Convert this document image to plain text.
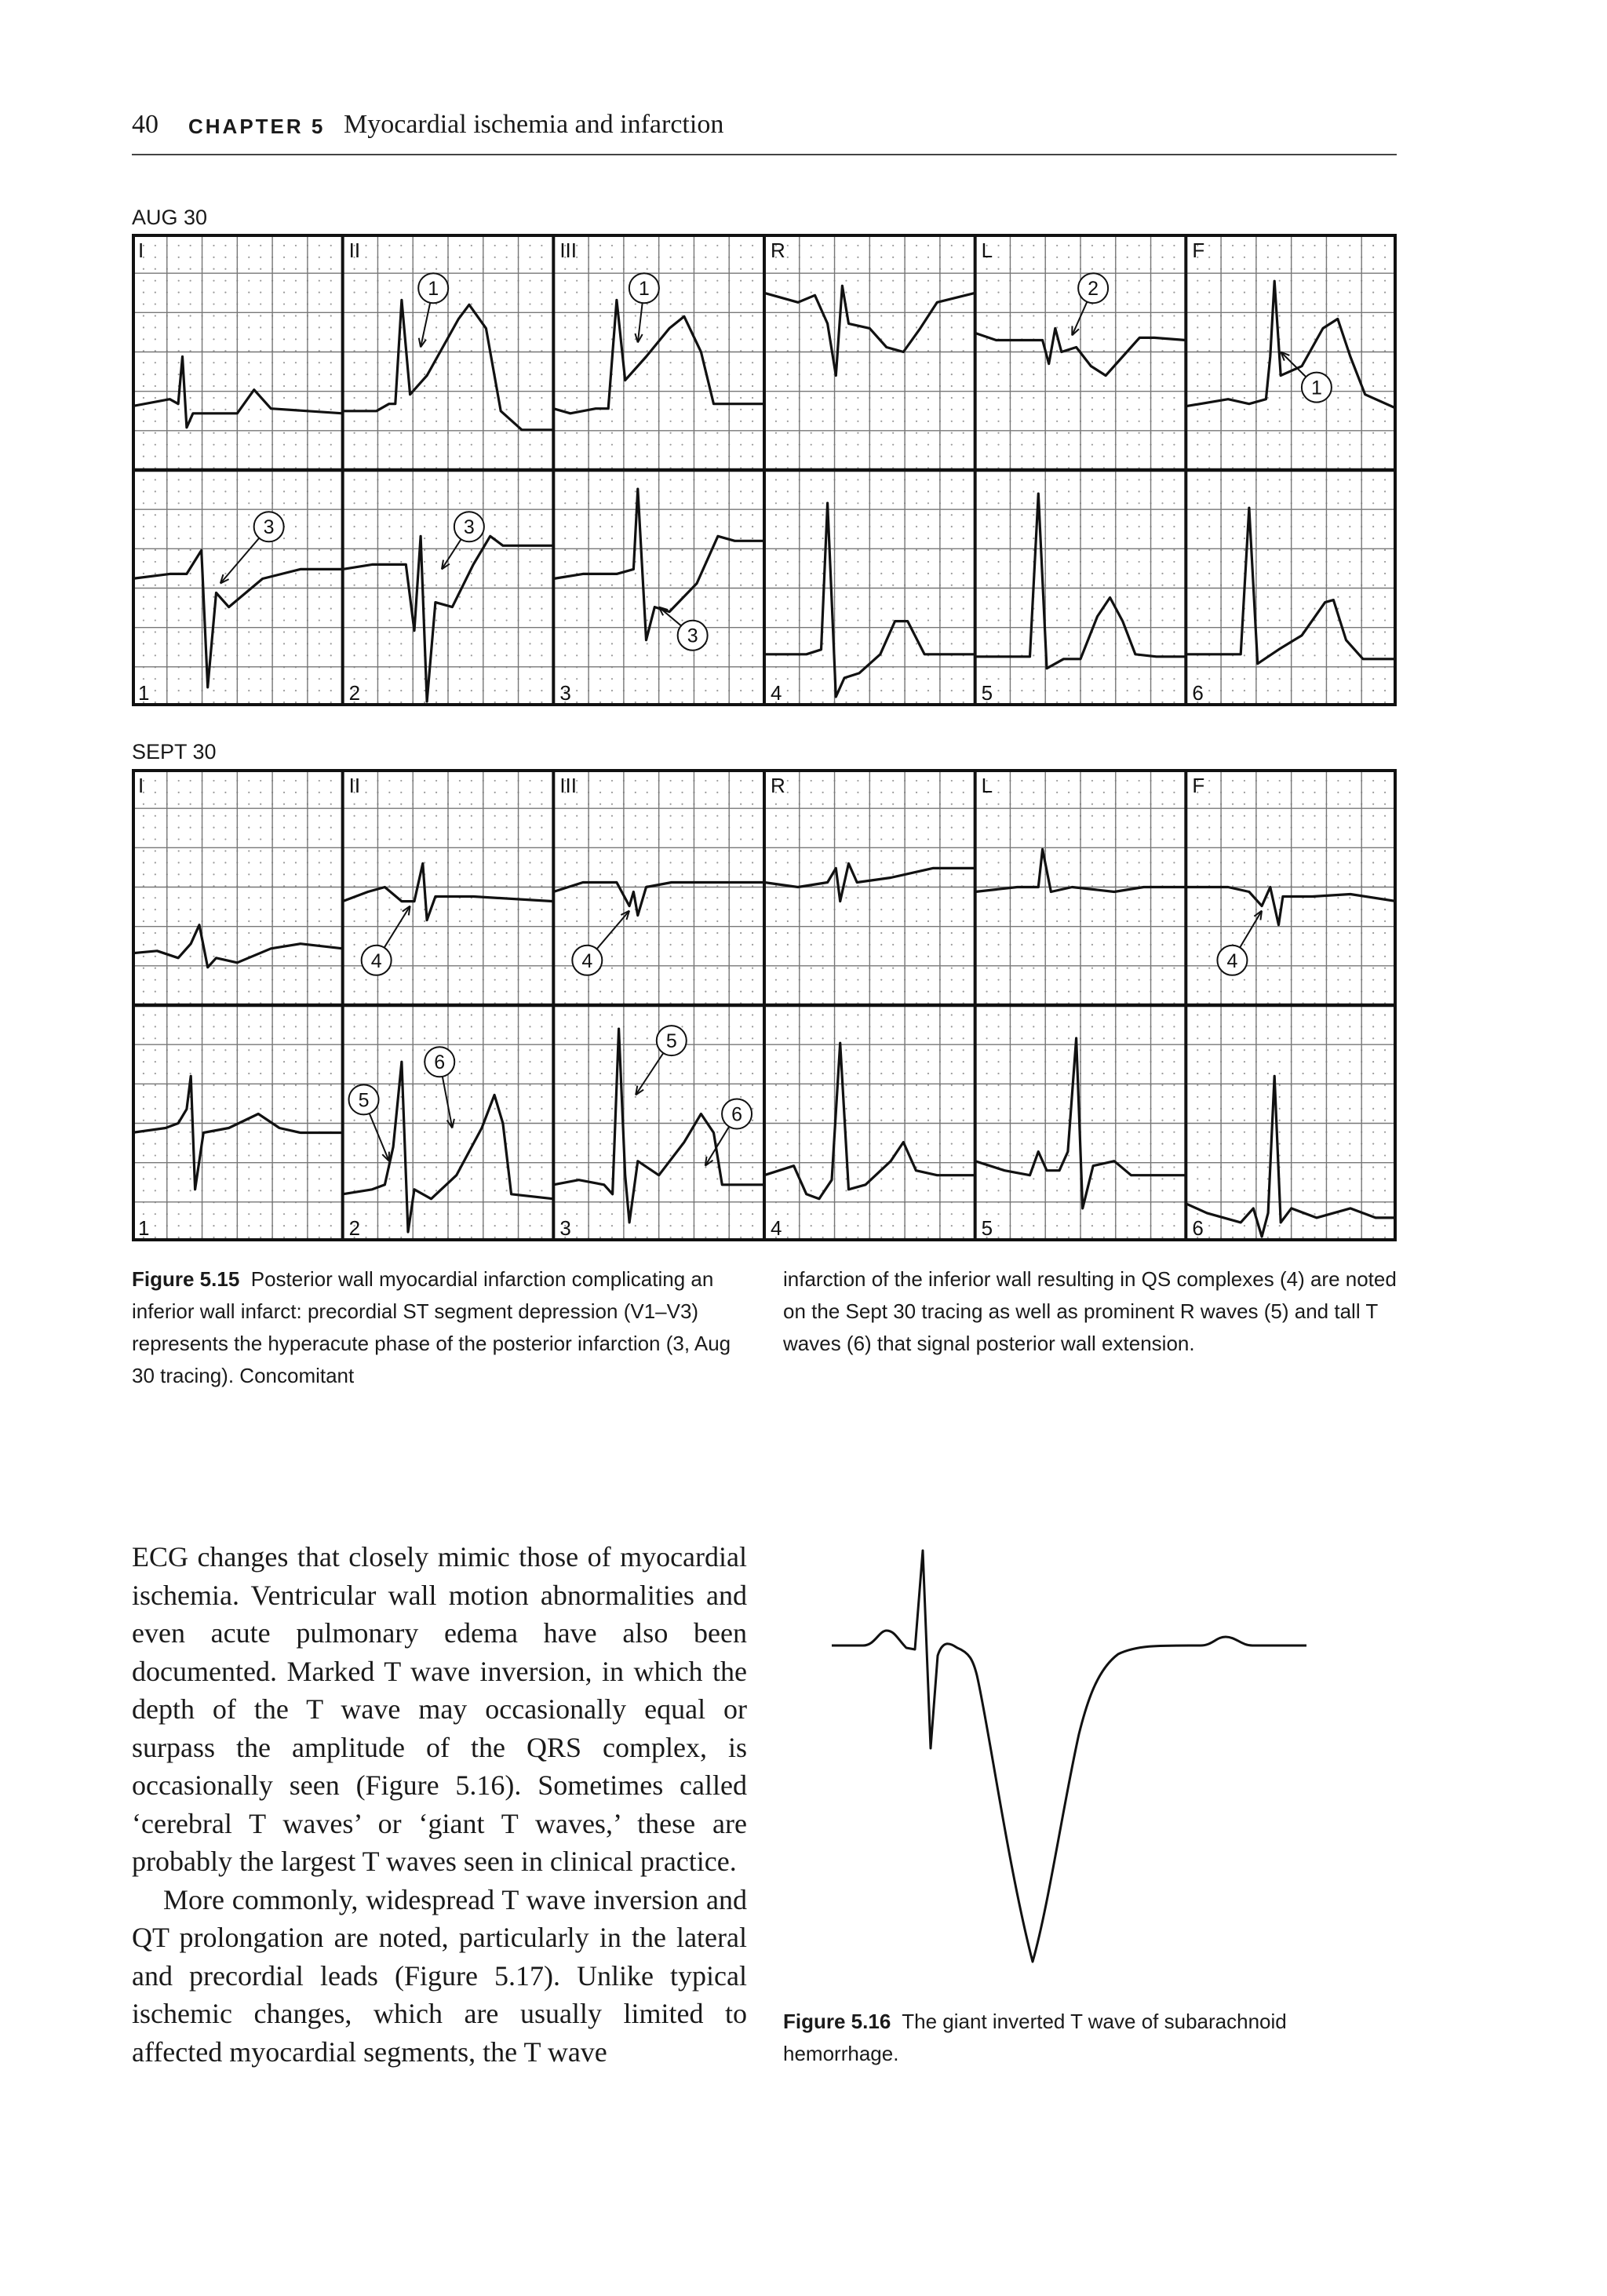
40 CHAPTER 5 Myocardial ischemia and infarction
AUG 30
I	II	III	R	L	F
1	2	3	4	5	6
1	1	2
1
3	3
3
SEPT 30
I	II	III	R	L	F
1	2	3	4	5	6
4	4	4
5
6
5
6
Figure 5.15 Posterior wall myocardial infarction complicating an inferior wall infarct: precordial ST segment depression (V1–V3) represents the hyperacute phase of the posterior infarction (3, Aug 30 tracing). Concomitant
infarction of the inferior wall resulting in QS complexes (4) are noted on the Sept 30 tracing as well as prominent R waves (5) and tall T waves (6) that signal posterior wall extension.

ECG changes that closely mimic those of myocardial ischemia. Ventricular wall motion abnormalities and even acute pulmonary edema have also been documented. Marked T wave inversion, in which the depth of the T wave may occasionally equal or surpass the amplitude of the QRS complex, is occasionally seen (Figure 5.16). Sometimes called ‘cerebral T waves’ or ‘giant T waves,’ these are probably the largest T waves seen in clinical practice.

More commonly, widespread T wave inversion and QT prolongation are noted, particularly in the lateral and precordial leads (Figure 5.17). Unlike typical ischemic changes, which are usually limited to affected myocardial segments, the T wave

Figure 5.16 The giant inverted T wave of subarachnoid hemorrhage.
